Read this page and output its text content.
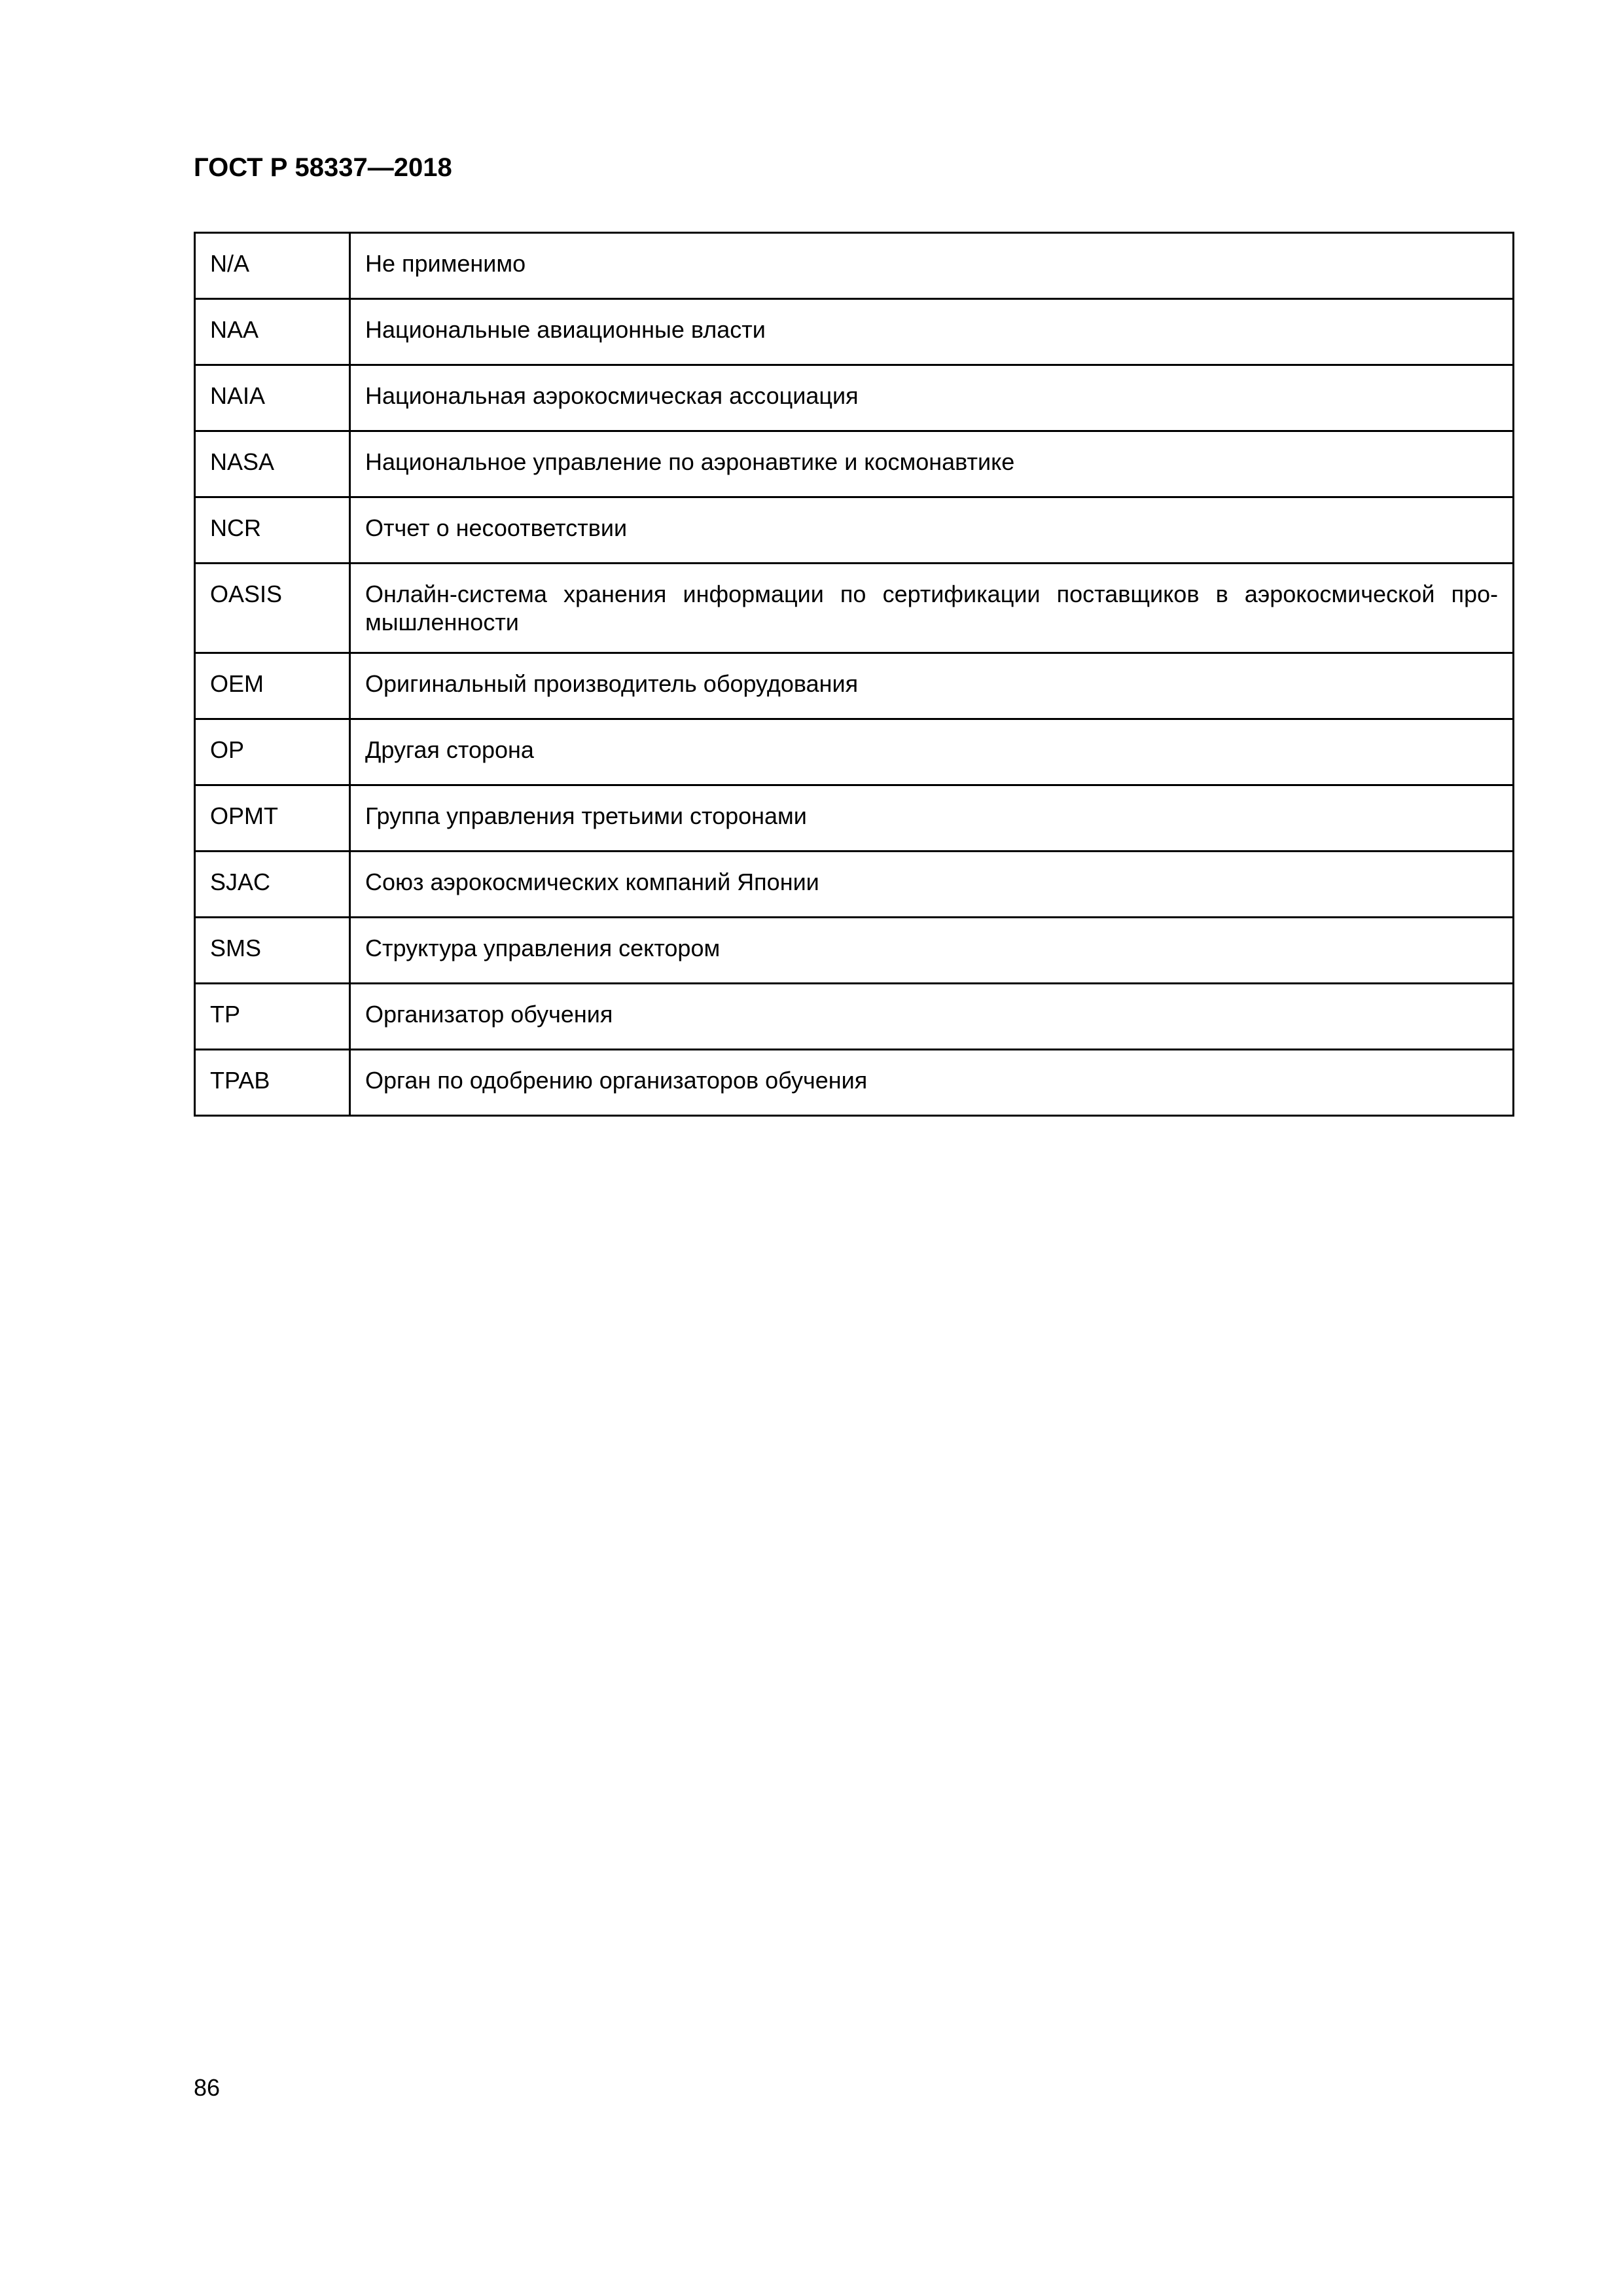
ГОСТ Р 58337—2018
N/A	Не применимо
NAA	Национальные авиационные власти
NAIA	Национальная аэрокосмическая ассоциация
NASA	Национальное управление по аэронавтике и космонавтике
NCR	Отчет о несоответствии
OASIS	Онлайн-система хранения информации по сертификации поставщиков в аэрокосмической промышленности
OEM	Оригинальный производитель оборудования
OP	Другая сторона
OPMT	Группа управления третьими сторонами
SJAC	Союз аэрокосмических компаний Японии
SMS	Структура управления сектором
TP	Организатор обучения
TPAB	Орган по одобрению организаторов обучения
86
